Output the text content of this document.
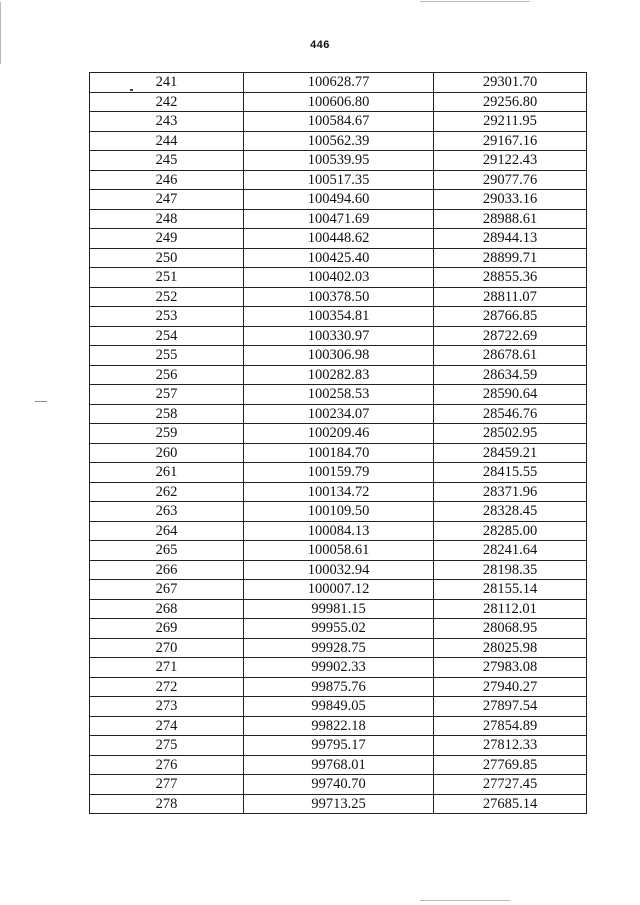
446
241	100628.77	29301.70
242	100606.80	29256.80
243	100584.67	29211.95
244	100562.39	29167.16
245	100539.95	29122.43
246	100517.35	29077.76
247	100494.60	29033.16
248	100471.69	28988.61
249	100448.62	28944.13
250	100425.40	28899.71
251	100402.03	28855.36
252	100378.50	28811.07
253	100354.81	28766.85
254	100330.97	28722.69
255	100306.98	28678.61
256	100282.83	28634.59
257	100258.53	28590.64
258	100234.07	28546.76
259	100209.46	28502.95
260	100184.70	28459.21
261	100159.79	28415.55
262	100134.72	28371.96
263	100109.50	28328.45
264	100084.13	28285.00
265	100058.61	28241.64
266	100032.94	28198.35
267	100007.12	28155.14
268	99981.15	28112.01
269	99955.02	28068.95
270	99928.75	28025.98
271	99902.33	27983.08
272	99875.76	27940.27
273	99849.05	27897.54
274	99822.18	27854.89
275	99795.17	27812.33
276	99768.01	27769.85
277	99740.70	27727.45
278	99713.25	27685.14
